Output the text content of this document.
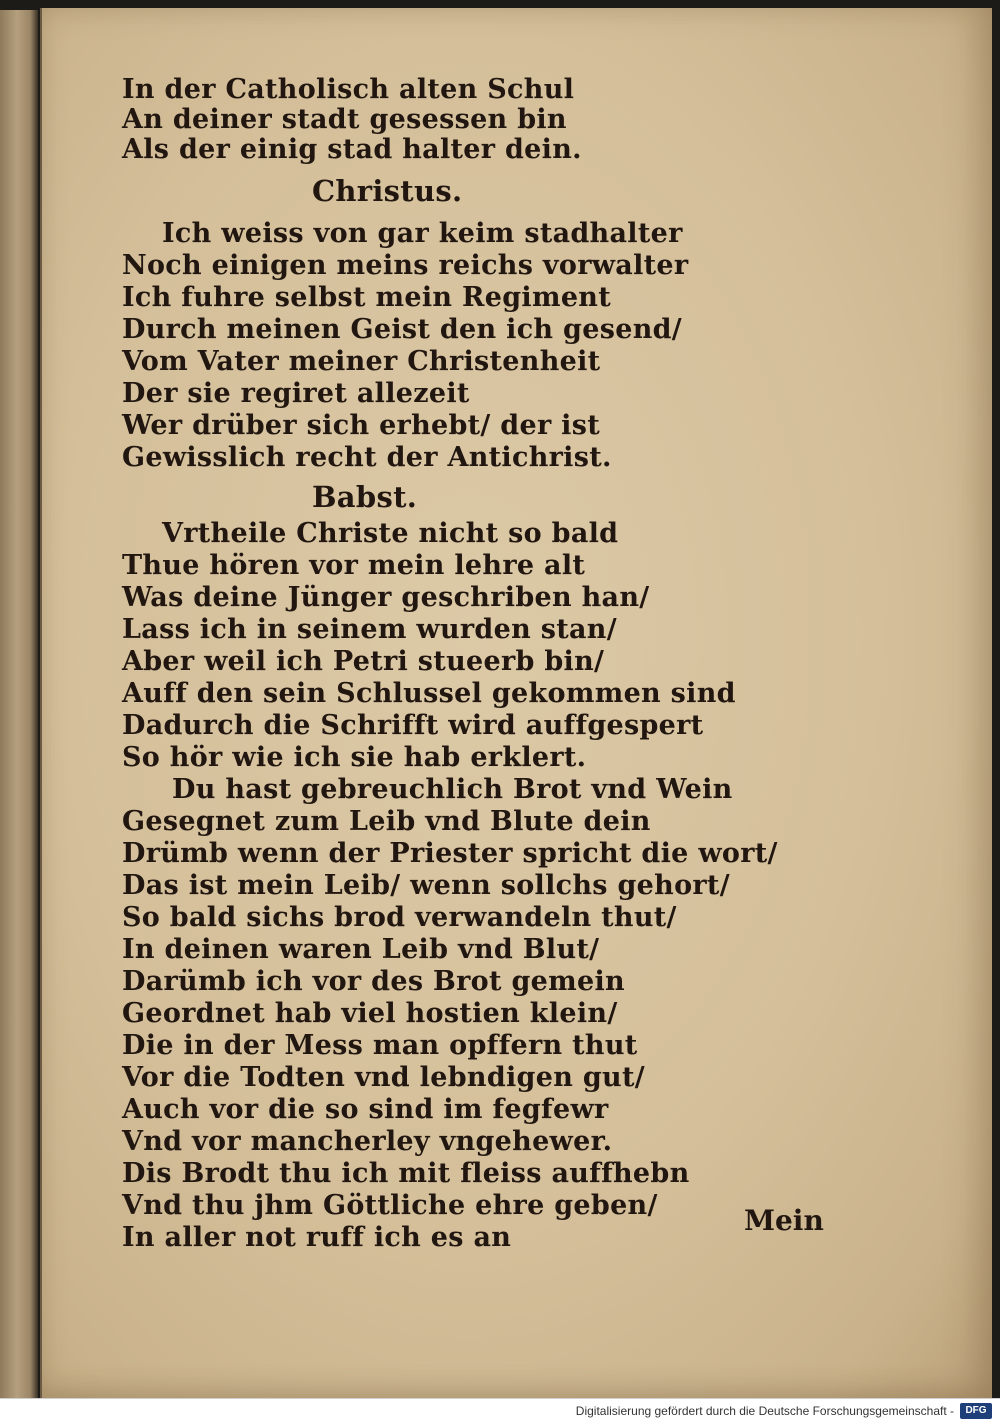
In der Catholisch alten Schul
An deiner stadt gesessen bin
Als der einig stad halter dein.
Christus.
Ich weiss von gar keim stadhalter
Noch einigen meins reichs vorwalter
Ich fuhre selbst mein Regiment
Durch meinen Geist den ich gesend/
Vom Vater meiner Christenheit
Der sie regiret allezeit
Wer drüber sich erhebt/ der ist
Gewisslich recht der Antichrist.
Babst.
Vrtheile Christe nicht so bald
Thue hören vor mein lehre alt
Was deine Jünger geschriben han/
Lass ich in seinem wurden stan/
Aber weil ich Petri stueerb bin/
Auff den sein Schlussel gekommen sind
Dadurch die Schrifft wird auffgespert
So hör wie ich sie hab erklert.
Du hast gebreuchlich Brot vnd Wein
Gesegnet zum Leib vnd Blute dein
Drümb wenn der Priester spricht die wort/
Das ist mein Leib/ wenn sollchs gehort/
So bald sichs brod verwandeln thut/
In deinen waren Leib vnd Blut/
Darümb ich vor des Brot gemein
Geordnet hab viel hostien klein/
Die in der Mess man opffern thut
Vor die Todten vnd lebndigen gut/
Auch vor die so sind im fegfewr
Vnd vor mancherley vngehewer.
Dis Brodt thu ich mit fleiss auffhebn
Vnd thu jhm Göttliche ehre geben/
In aller not ruff ich es an
Mein
Digitalisierung gefördert durch die Deutsche Forschungsgemeinschaft -	DFG
